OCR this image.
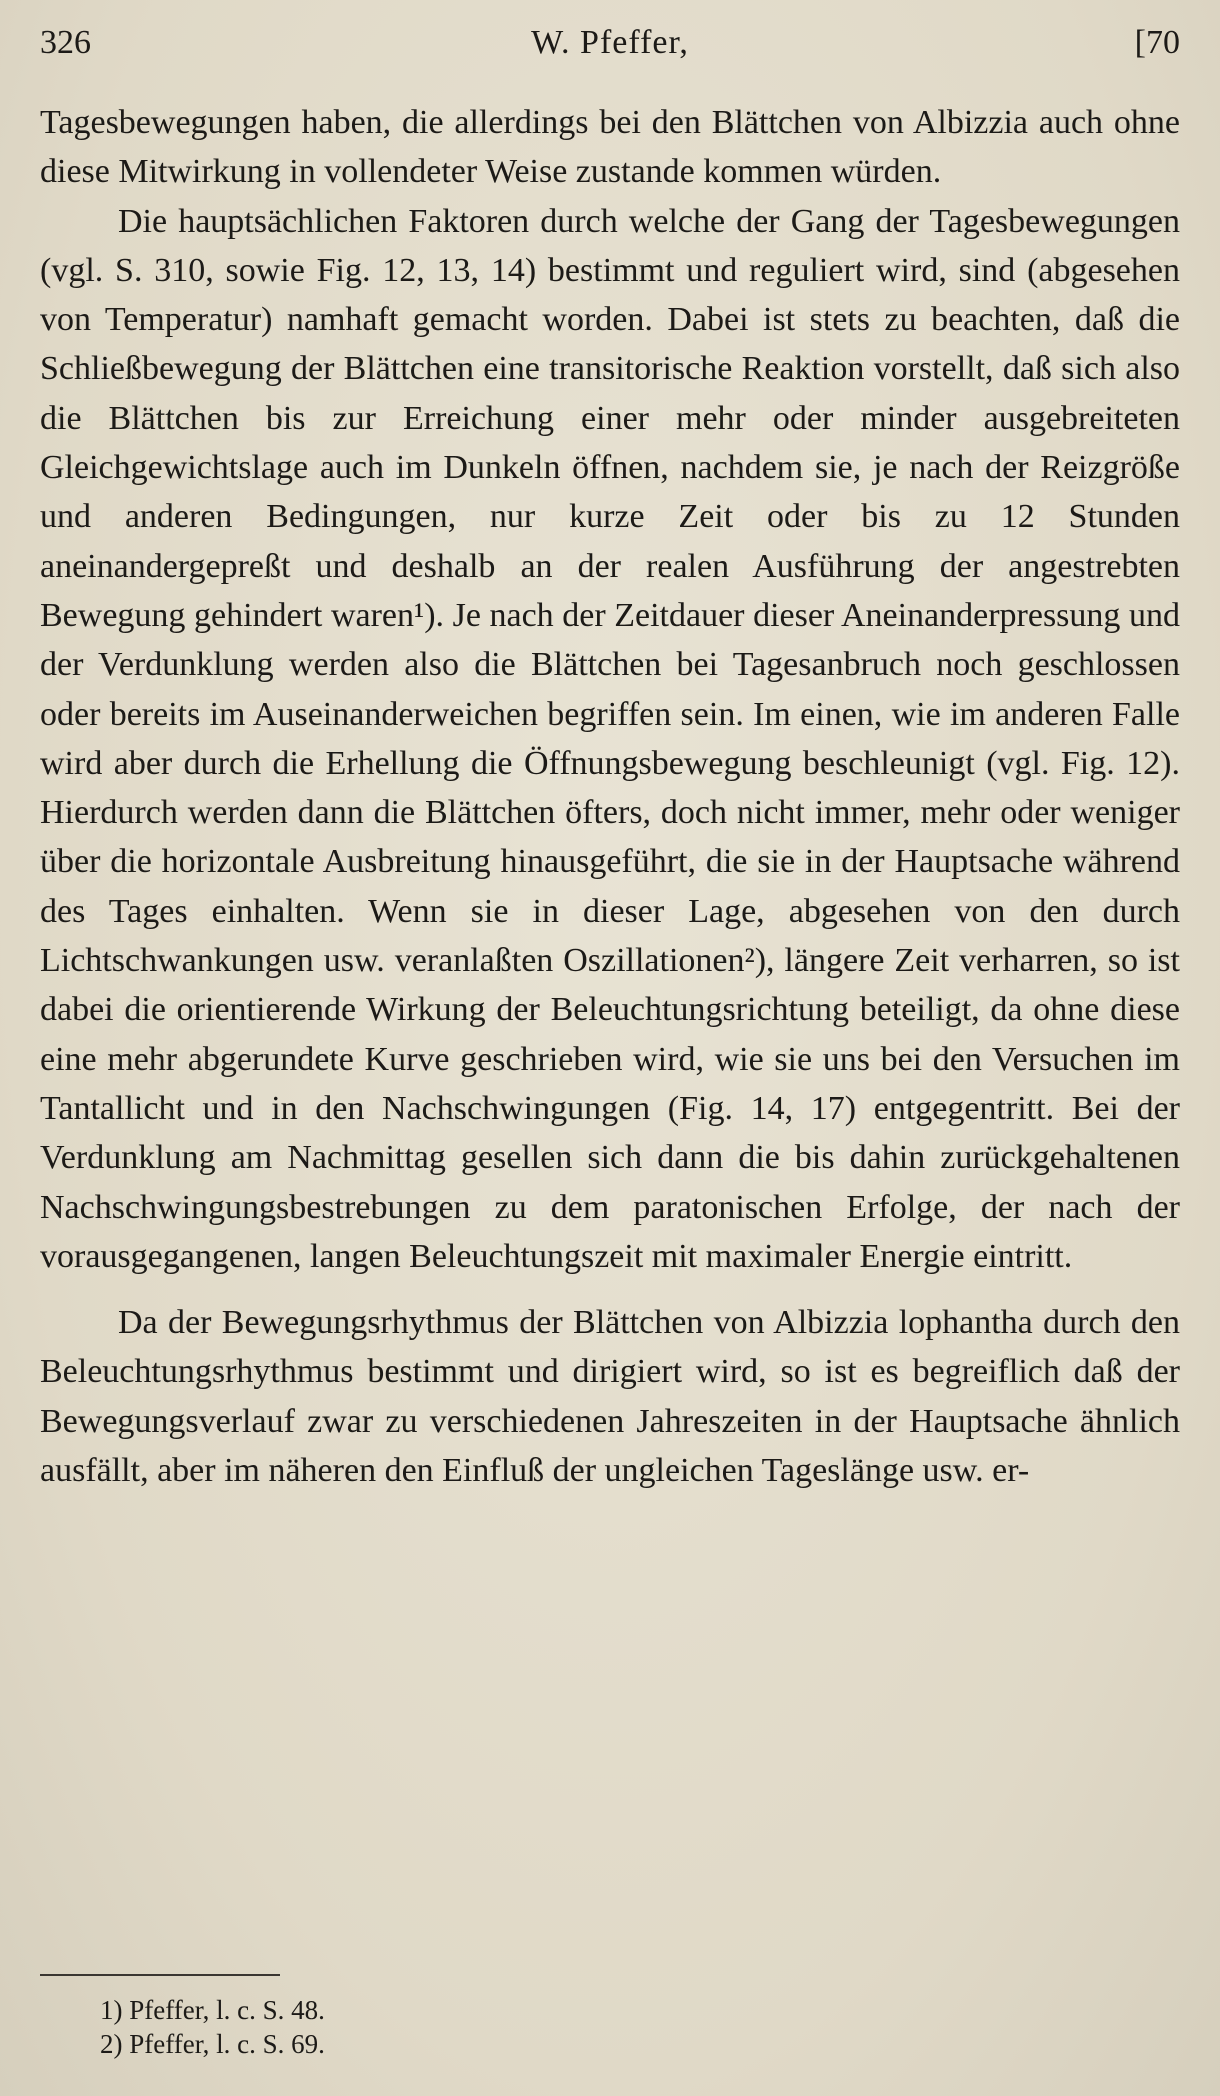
326	W. Pfeffer,	[70

Tagesbewegungen haben, die allerdings bei den Blättchen von Albizzia auch ohne diese Mitwirkung in vollendeter Weise zustande kommen würden.

Die hauptsächlichen Faktoren durch welche der Gang der Tagesbewegungen (vgl. S. 310, sowie Fig. 12, 13, 14) bestimmt und reguliert wird, sind (abgesehen von Temperatur) namhaft gemacht worden. Dabei ist stets zu beachten, daß die Schließbewegung der Blättchen eine transitorische Reaktion vorstellt, daß sich also die Blättchen bis zur Erreichung einer mehr oder minder ausgebreiteten Gleichgewichtslage auch im Dunkeln öffnen, nachdem sie, je nach der Reizgröße und anderen Bedingungen, nur kurze Zeit oder bis zu 12 Stunden aneinandergepreßt und deshalb an der realen Ausführung der angestrebten Bewegung gehindert waren¹). Je nach der Zeitdauer dieser Aneinanderpressung und der Verdunklung werden also die Blättchen bei Tagesanbruch noch geschlossen oder bereits im Auseinanderweichen begriffen sein. Im einen, wie im anderen Falle wird aber durch die Erhellung die Öffnungsbewegung beschleunigt (vgl. Fig. 12). Hierdurch werden dann die Blättchen öfters, doch nicht immer, mehr oder weniger über die horizontale Ausbreitung hinausgeführt, die sie in der Hauptsache während des Tages einhalten. Wenn sie in dieser Lage, abgesehen von den durch Lichtschwankungen usw. veranlaßten Oszillationen²), längere Zeit verharren, so ist dabei die orientierende Wirkung der Beleuchtungsrichtung beteiligt, da ohne diese eine mehr abgerundete Kurve geschrieben wird, wie sie uns bei den Versuchen im Tantallicht und in den Nachschwingungen (Fig. 14, 17) entgegentritt. Bei der Verdunklung am Nachmittag gesellen sich dann die bis dahin zurückgehaltenen Nachschwingungsbestrebungen zu dem paratonischen Erfolge, der nach der vorausgegangenen, langen Beleuchtungszeit mit maximaler Energie eintritt.

Da der Bewegungsrhythmus der Blättchen von Albizzia lophantha durch den Beleuchtungsrhythmus bestimmt und dirigiert wird, so ist es begreiflich daß der Bewegungsverlauf zwar zu verschiedenen Jahreszeiten in der Hauptsache ähnlich ausfällt, aber im näheren den Einfluß der ungleichen Tageslänge usw. er-

1) Pfeffer, l. c. S. 48.
2) Pfeffer, l. c. S. 69.
